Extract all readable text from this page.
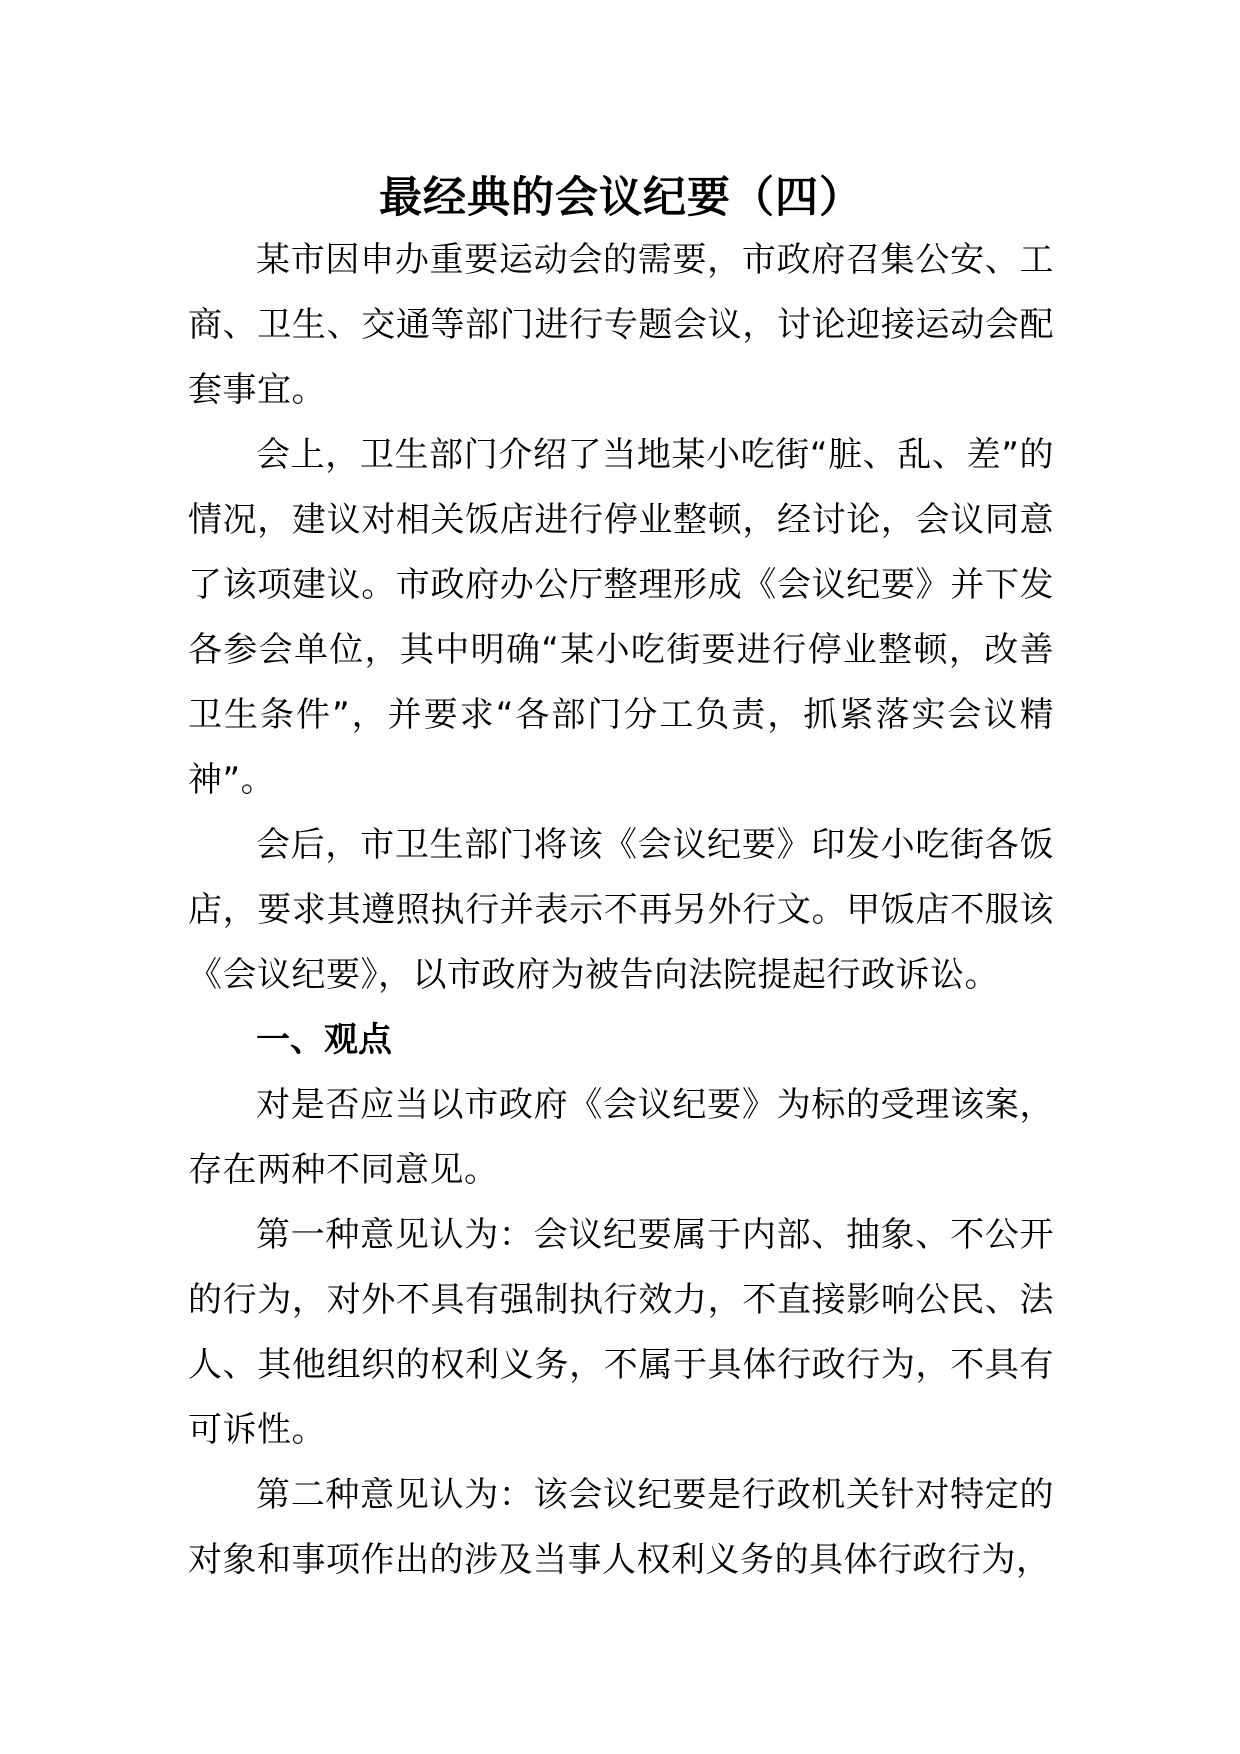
最经典的会议纪要（四）

某市因申办重要运动会的需要，市政府召集公安、工商、卫生、交通等部门进行专题会议，讨论迎接运动会配套事宜。

会上，卫生部门介绍了当地某小吃街“脏、乱、差”的情况，建议对相关饭店进行停业整顿，经讨论，会议同意了该项建议。市政府办公厅整理形成《会议纪要》并下发各参会单位，其中明确“某小吃街要进行停业整顿，改善卫生条件”，并要求“各部门分工负责，抓紧落实会议精神”。

会后，市卫生部门将该《会议纪要》印发小吃街各饭店，要求其遵照执行并表示不再另外行文。甲饭店不服该《会议纪要》，以市政府为被告向法院提起行政诉讼。

一、观点

对是否应当以市政府《会议纪要》为标的受理该案，存在两种不同意见。

第一种意见认为：会议纪要属于内部、抽象、不公开的行为，对外不具有强制执行效力，不直接影响公民、法人、其他组织的权利义务，不属于具体行政行为，不具有可诉性。

第二种意见认为：该会议纪要是行政机关针对特定的对象和事项作出的涉及当事人权利义务的具体行政行为，
